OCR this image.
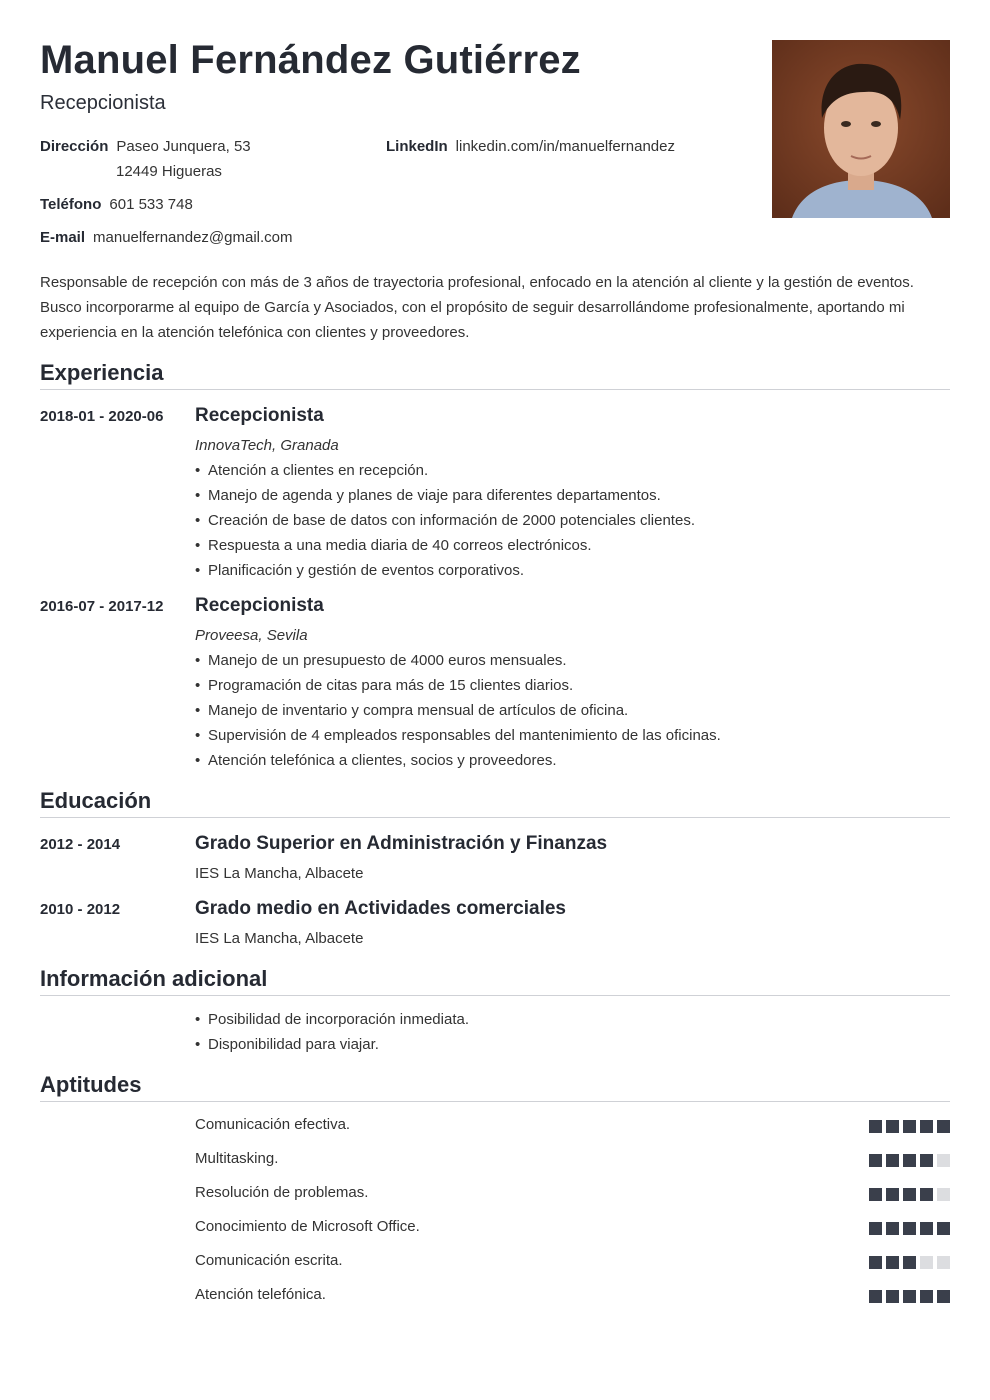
Manuel Fernández Gutiérrez
Recepcionista
Dirección Paseo Junquera, 53
12449 Higueras
LinkedIn linkedin.com/in/manuelfernandez
Teléfono 601 533 748
E-mail manuelfernandez@gmail.com
Responsable de recepción con más de 3 años de trayectoria profesional, enfocado en la atención al cliente y la gestión de eventos. Busco incorporarme al equipo de García y Asociados, con el propósito de seguir desarrollándome profesionalmente, aportando mi experiencia en la atención telefónica con clientes y proveedores.
Experiencia
2018-01 - 2020-06 Recepcionista
InnovaTech, Granada
• Atención a clientes en recepción.
• Manejo de agenda y planes de viaje para diferentes departamentos.
• Creación de base de datos con información de 2000 potenciales clientes.
• Respuesta a una media diaria de 40 correos electrónicos.
• Planificación y gestión de eventos corporativos.
2016-07 - 2017-12 Recepcionista
Proveesa, Sevila
• Manejo de un presupuesto de 4000 euros mensuales.
• Programación de citas para más de 15 clientes diarios.
• Manejo de inventario y compra mensual de artículos de oficina.
• Supervisión de 4 empleados responsables del mantenimiento de las oficinas.
• Atención telefónica a clientes, socios y proveedores.
Educación
2012 - 2014	Grado Superior en Administración y Finanzas
IES La Mancha, Albacete
2010 - 2012	Grado medio en Actividades comerciales
IES La Mancha, Albacete
Información adicional
• Posibilidad de incorporación inmediata.
• Disponibilidad para viajar.
Aptitudes
Comunicación efectiva.
Multitasking.
Resolución de problemas.
Conocimiento de Microsoft Office.
Comunicación escrita.
Atención telefónica.
